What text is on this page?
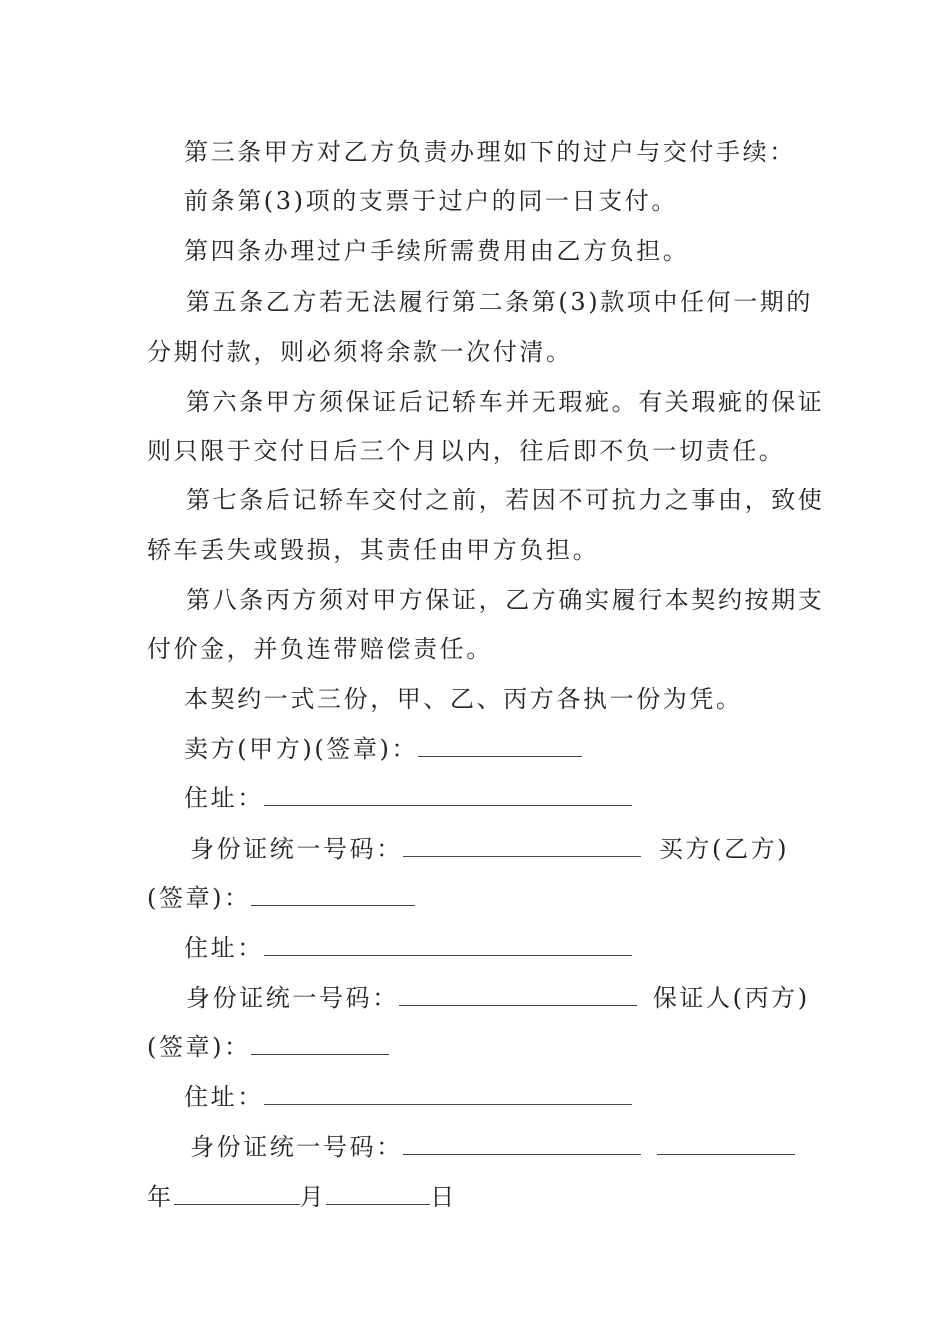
第三条甲方对乙方负责办理如下的过户与交付手续：
前条第(3)项的支票于过户的同一日支付。
第四条办理过户手续所需费用由乙方负担。
第五条乙方若无法履行第二条第(3)款项中任何一期的
分期付款，则必须将余款一次付清。
第六条甲方须保证后记轿车并无瑕疵。有关瑕疵的保证
则只限于交付日后三个月以内，往后即不负一切责任。
第七条后记轿车交付之前，若因不可抗力之事由，致使
轿车丢失或毁损，其责任由甲方负担。
第八条丙方须对甲方保证，乙方确实履行本契约按期支
付价金，并负连带赔偿责任。
本契约一式三份，甲、乙、丙方各执一份为凭。
卖方(甲方)(签章)：
住址：
身份证统一号码：	买方(乙方)
(签章)：
住址：
身份证统一号码：	保证人(丙方)
(签章)：
住址：
身份证统一号码：
年	月	日
